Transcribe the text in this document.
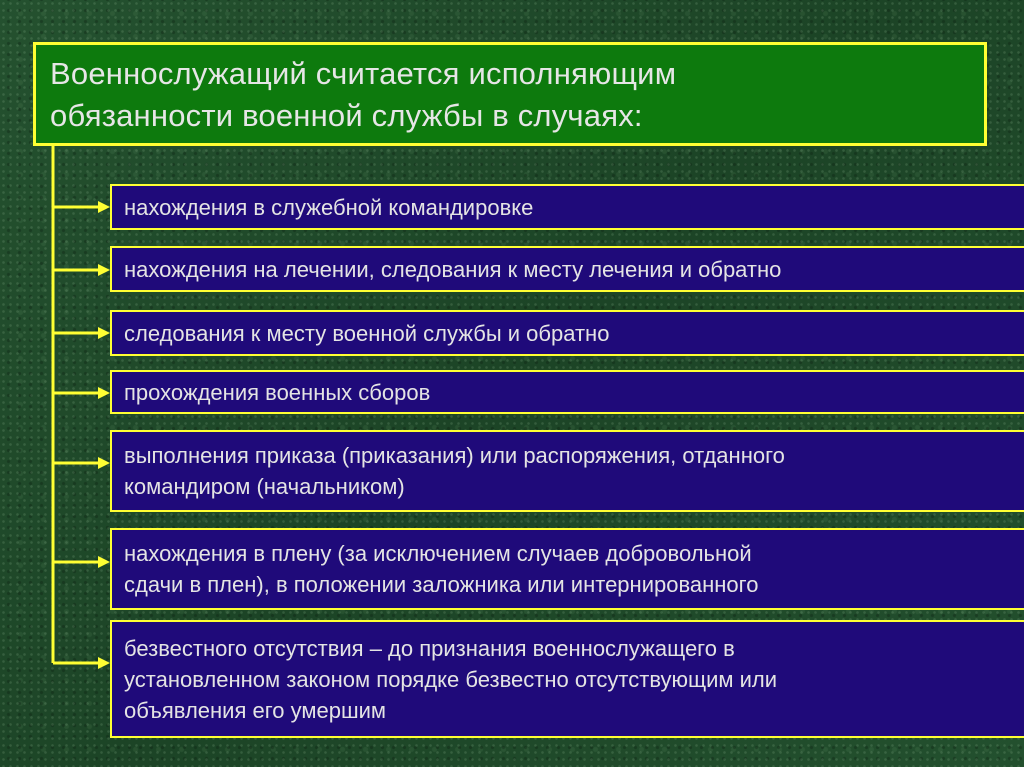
Военнослужащий считается исполняющим
обязанности военной службы в случаях:
нахождения в служебной командировке
нахождения на лечении, следования к месту лечения и обратно
следования к месту военной службы и обратно
прохождения военных сборов
выполнения приказа (приказания) или распоряжения, отданного
командиром (начальником)
нахождения в плену (за исключением случаев добровольной
сдачи в плен), в положении заложника или интернированного
безвестного отсутствия – до признания военнослужащего в
установленном законом порядке безвестно отсутствующим или
объявления его умершим
